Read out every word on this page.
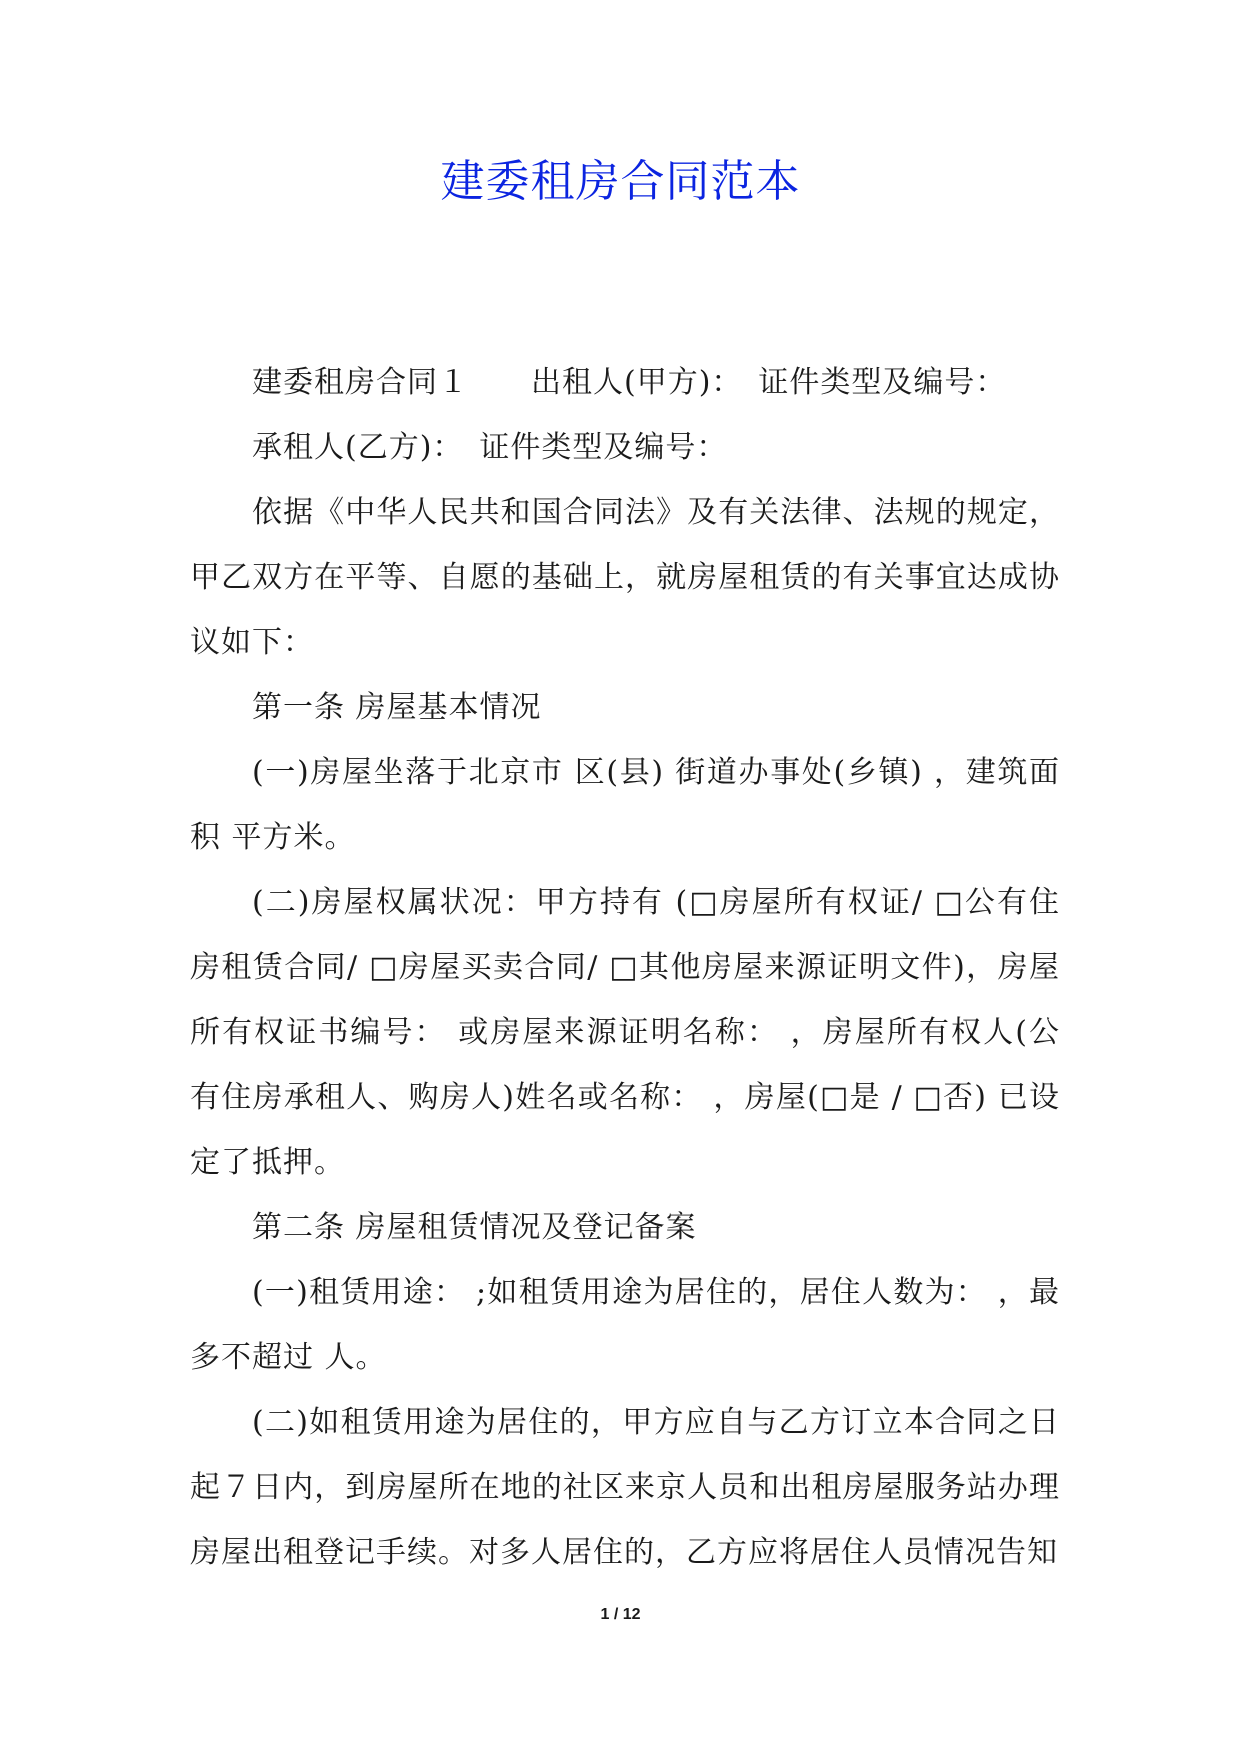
建委租房合同范本

建委租房合同１　　出租人(甲方)：　证件类型及编号：

承租人(乙方)：　证件类型及编号：

依据《中华人民共和国合同法》及有关法律、法规的规定，甲乙双方在平等、自愿的基础上，就房屋租赁的有关事宜达成协议如下：

第一条 房屋基本情况

(一)房屋坐落于北京市 区(县) 街道办事处(乡镇) ，建筑面积 平方米。

(二)房屋权属状况：甲方持有 (□房屋所有权证/ □公有住房租赁合同/ □房屋买卖合同/ □其他房屋来源证明文件)，房屋所有权证书编号： 或房屋来源证明名称： ，房屋所有权人(公有住房承租人、购房人)姓名或名称： ，房屋(□是 / □否) 已设定了抵押。

第二条 房屋租赁情况及登记备案

(一)租赁用途： ;如租赁用途为居住的，居住人数为： ，最多不超过 人。

(二)如租赁用途为居住的，甲方应自与乙方订立本合同之日起７日内，到房屋所在地的社区来京人员和出租房屋服务站办理房屋出租登记手续。对多人居住的，乙方应将居住人员情况告知

1 / 12
